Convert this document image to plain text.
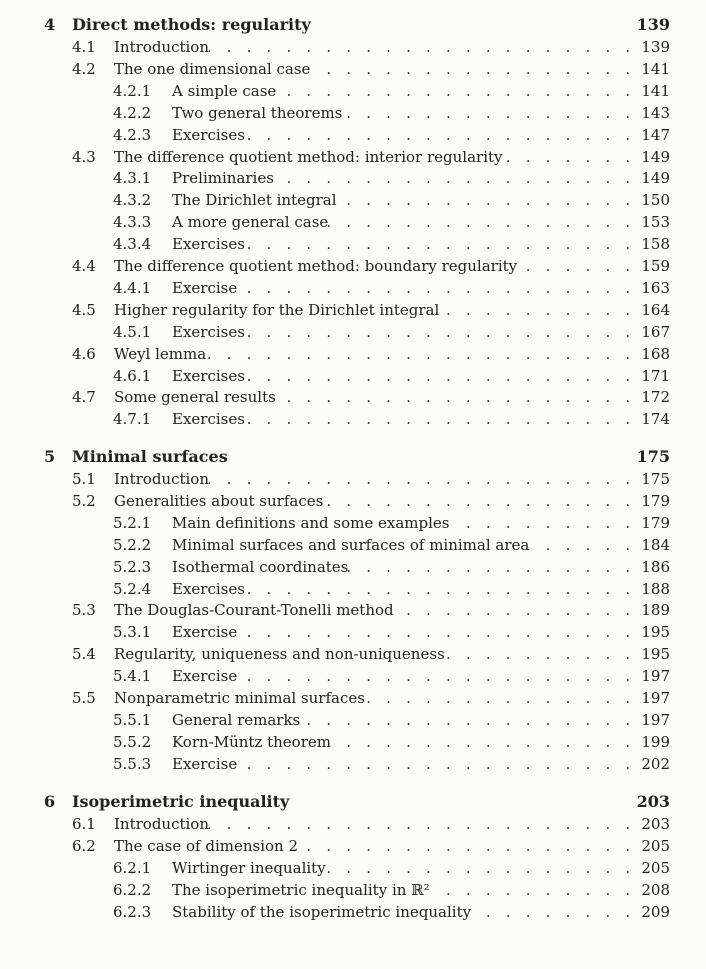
4 Direct methods: regularity	139
4.1	Introduction . . .	139
4.2	The one dimensional case . . .	141
4.2.1	A simple case . . .	141
4.2.2	Two general theorems . . .	143
4.2.3	Exercises . . .	147
4.3	The difference quotient method: interior regularity . . .	149
4.3.1	Preliminaries . . .	149
4.3.2	The Dirichlet integral . . .	150
4.3.3	A more general case . . .	153
4.3.4	Exercises . . .	158
4.4	The difference quotient method: boundary regularity . . .	159
4.4.1	Exercise . . .	163
4.5	Higher regularity for the Dirichlet integral . . .	164
4.5.1	Exercises . . .	167
4.6	Weyl lemma . . .	168
4.6.1	Exercises . . .	171
4.7	Some general results . . .	172
4.7.1	Exercises . . .	174
5 Minimal surfaces	175
5.1	Introduction . . .	175
5.2	Generalities about surfaces . . .	179
5.2.1	Main definitions and some examples . . .	179
5.2.2	Minimal surfaces and surfaces of minimal area . . .	184
5.2.3	Isothermal coordinates . . .	186
5.2.4	Exercises . . .	188
5.3	The Douglas-Courant-Tonelli method . . .	189
5.3.1	Exercise . . .	195
5.4	Regularity, uniqueness and non-uniqueness . . .	195
5.4.1	Exercise . . .	197
5.5	Nonparametric minimal surfaces . . .	197
5.5.1	General remarks . . .	197
5.5.2	Korn-Müntz theorem . . .	199
5.5.3	Exercise . . .	202
6 Isoperimetric inequality	203
6.1	Introduction . . .	203
6.2	The case of dimension 2 . . .	205
6.2.1	Wirtinger inequality . . .	205
6.2.2	The isoperimetric inequality in ℝ² . . .	208
6.2.3	Stability of the isoperimetric inequality . . .	209
